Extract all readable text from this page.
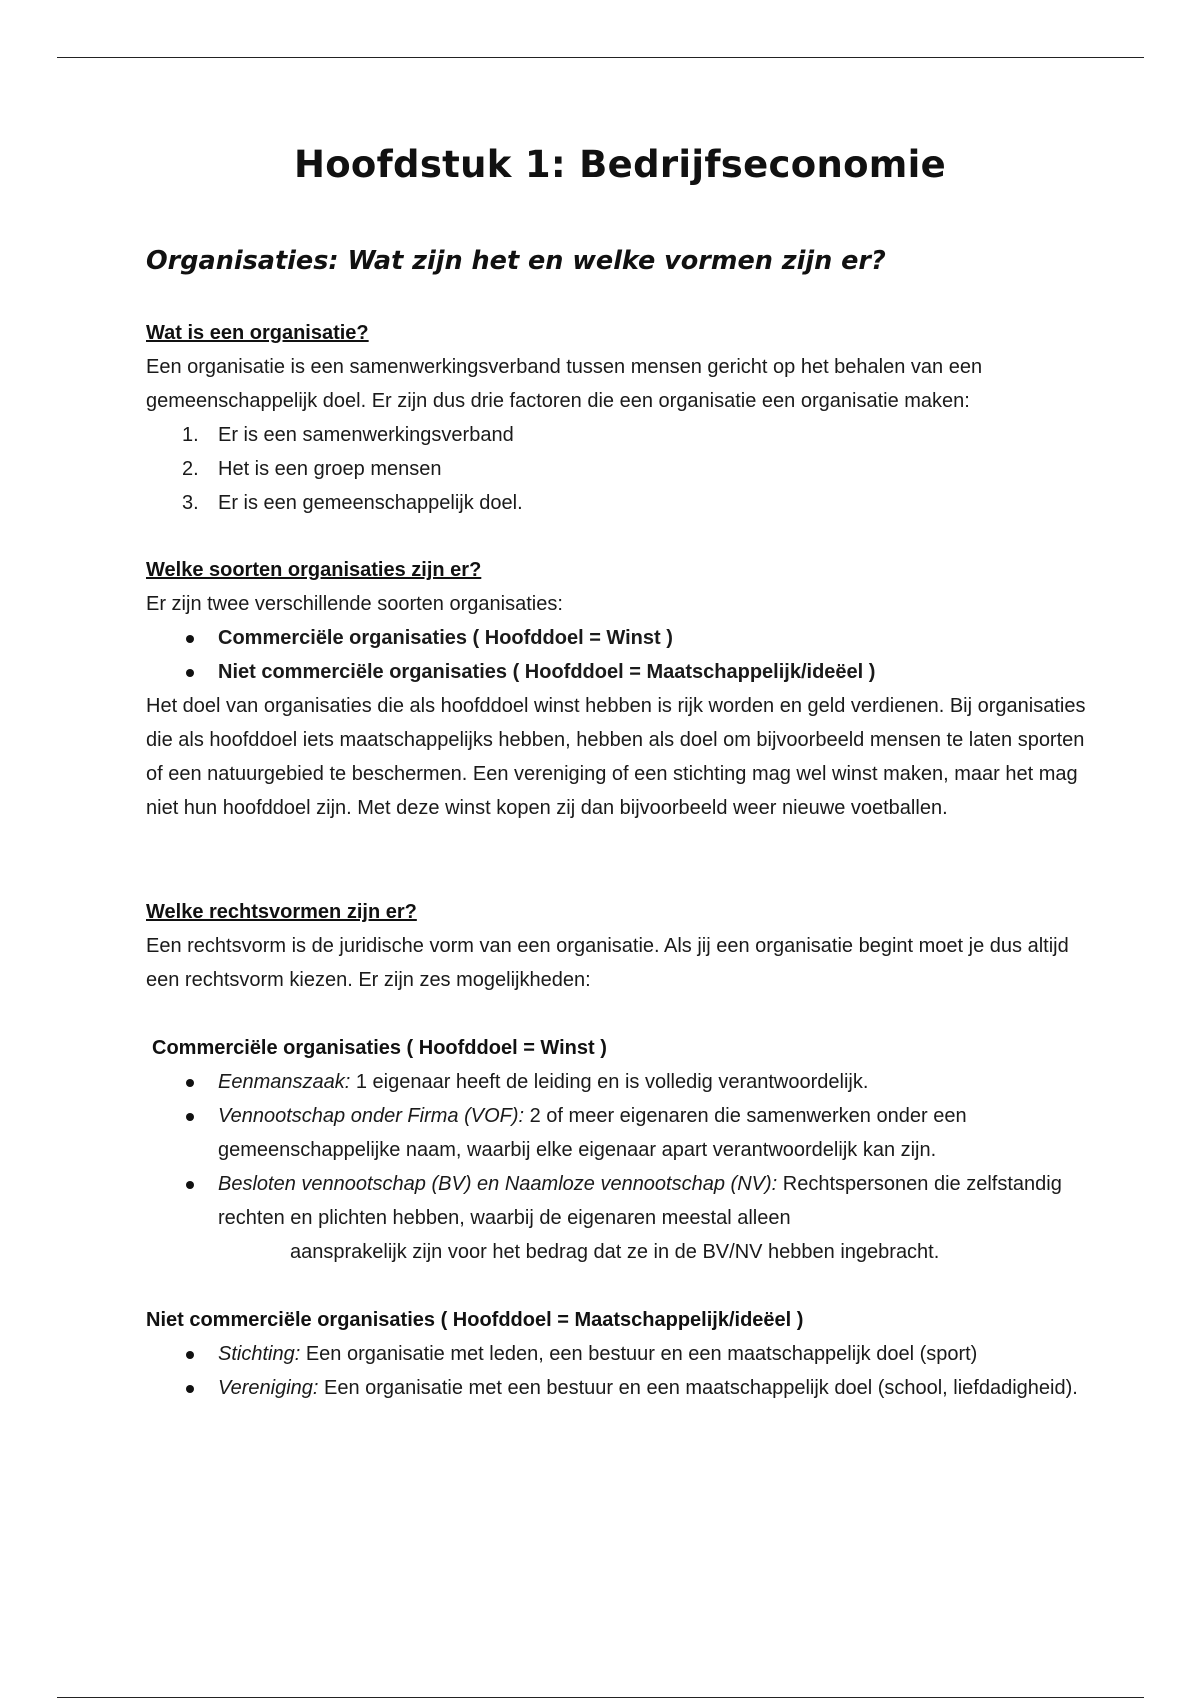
Hoofdstuk 1: Bedrijfseconomie
Organisaties: Wat zijn het en welke vormen zijn er?
Wat is een organisatie?

Een organisatie is een samenwerkingsverband tussen mensen gericht op het behalen van een gemeenschappelijk doel. Er zijn dus drie factoren die een organisatie een organisatie maken:

1. Er is een samenwerkingsverband
2. Het is een groep mensen
3. Er is een gemeenschappelijk doel.
Welke soorten organisaties zijn er?

Er zijn twee verschillende soorten organisaties:

Commerciële organisaties ( Hoofddoel = Winst )
Niet commerciële organisaties ( Hoofddoel = Maatschappelijk/ideëel )

Het doel van organisaties die als hoofddoel winst hebben is rijk worden en geld verdienen. Bij organisaties die als hoofddoel iets maatschappelijks hebben, hebben als doel om bijvoorbeeld mensen te laten sporten of een natuurgebied te beschermen. Een vereniging of een stichting mag wel winst maken, maar het mag niet hun hoofddoel zijn. Met deze winst kopen zij dan bijvoorbeeld weer nieuwe voetballen.

Welke rechtsvormen zijn er?

Een rechtsvorm is de juridische vorm van een organisatie. Als jij een organisatie begint moet je dus altijd een rechtsvorm kiezen. Er zijn zes mogelijkheden:

Commerciële organisaties ( Hoofddoel = Winst )
Eenmanszaak: 1 eigenaar heeft de leiding en is volledig verantwoordelijk.
Vennootschap onder Firma (VOF): 2 of meer eigenaren die samenwerken onder een gemeenschappelijke naam, waarbij elke eigenaar apart verantwoordelijk kan zijn.
Besloten vennootschap (BV) en Naamloze vennootschap (NV): Rechtspersonen die zelfstandig rechten en plichten hebben, waarbij de eigenaren meestal alleen
aansprakelijk zijn voor het bedrag dat ze in de BV/NV hebben ingebracht.
Niet commerciële organisaties ( Hoofddoel = Maatschappelijk/ideëel )
Stichting: Een organisatie met leden, een bestuur en een maatschappelijk doel (sport)
Vereniging: Een organisatie met een bestuur en een maatschappelijk doel (school, liefdadigheid).
